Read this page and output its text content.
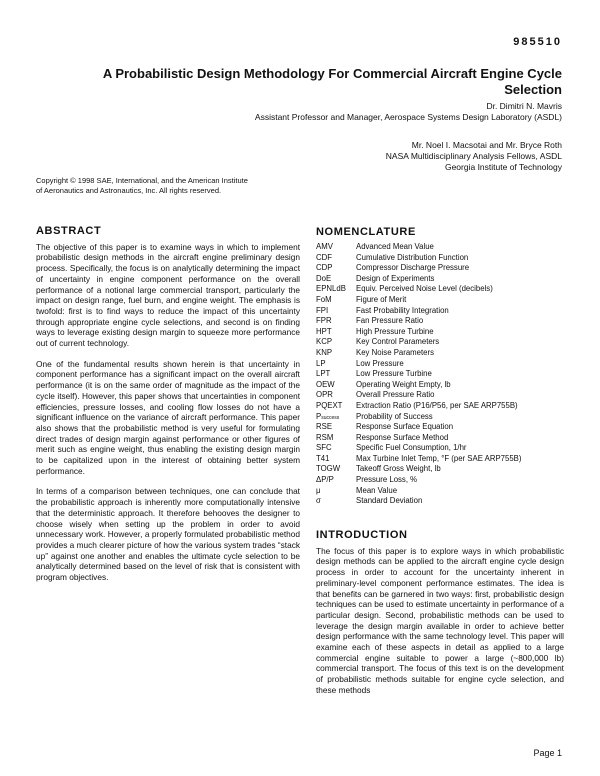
985510
A Probabilistic Design Methodology For Commercial Aircraft Engine Cycle
Selection
Dr. Dimitri N. Mavris
Assistant Professor and Manager, Aerospace Systems Design Laboratory (ASDL)
Mr. Noel I. Macsotai and Mr. Bryce Roth
NASA Multidisciplinary Analysis Fellows, ASDL
Georgia Institute of Technology
Copyright © 1998 SAE, International, and the American Institute
of Aeronautics and Astronautics, Inc. All rights reserved.
ABSTRACT

The objective of this paper is to examine ways in which to implement probabilistic design methods in the aircraft engine preliminary design process. Specifically, the focus is on analytically determining the impact of uncertainty in engine component performance on the overall performance of a notional large commercial transport, particularly the impact on design range, fuel burn, and engine weight. The emphasis is twofold: first is to find ways to reduce the impact of this uncertainty through appropriate engine cycle selections, and second is on finding ways to leverage existing design margin to squeeze more performance out of current technology.

One of the fundamental results shown herein is that uncertainty in component performance has a significant impact on the overall aircraft performance (it is on the same order of magnitude as the impact of the cycle itself). However, this paper shows that uncertainties in component efficiencies, pressure losses, and cooling flow losses do not have a significant influence on the variance of aircraft performance. This paper also shows that the probabilistic method is very useful for formulating direct trades of design margin against performance or other figures of merit such as engine weight, thus enabling the existing design margin to be capitalized upon in the interest of obtaining better system performance.

In terms of a comparison between techniques, one can conclude that the probabilistic approach is inherently more computationally intensive that the deterministic approach. It therefore behooves the designer to choose wisely when setting up the problem in order to avoid unnecessary work. However, a properly formulated probabilistic method provides a much clearer picture of how the various system trades “stack up” against one another and enables the ultimate cycle selection to be analytically determined based on the level of risk that is consistent with program objectives.

NOMENCLATURE
AMV	Advanced Mean Value
CDF	Cumulative Distribution Function
CDP	Compressor Discharge Pressure
DoE	Design of Experiments
EPNLdB Equiv. Perceived Noise Level (decibels)
FoM	Figure of Merit
FPI	Fast Probability Integration
FPR	Fan Pressure Ratio
HPT	High Pressure Turbine
KCP	Key Control Parameters
KNP	Key Noise Parameters
LP	Low Pressure
LPT	Low Pressure Turbine
OEW	Operating Weight Empty, lb
OPR	Overall Pressure Ratio
PQEXT Extraction Ratio (P16/P56, per SAE ARP755B)
Psuccess Probability of Success
RSE	Response Surface Equation
RSM	Response Surface Method
SFC	Specific Fuel Consumption, 1/hr
T41	Max Turbine Inlet Temp, °F (per SAE ARP755B)
TOGW Takeoff Gross Weight, lb
ΔP/P	Pressure Loss, %
μ	Mean Value
σ	Standard Deviation
INTRODUCTION

The focus of this paper is to explore ways in which probabilistic design methods can be applied to the aircraft engine cycle design process in order to account for the uncertainty inherent in preliminary-level component performance estimates. The idea is that benefits can be garnered in two ways: first, probabilistic design techniques can be used to estimate uncertainty in performance of a particular design. Second, probabilistic methods can be used to leverage the design margin available in order to achieve better design performance with the same technology level. This paper will examine each of these aspects in detail as applied to a large commercial engine suitable to power a large (~800,000 lb) commercial transport. The focus of this text is on the development of probabilistic methods suitable for engine cycle selection, and these methods

Page 1
